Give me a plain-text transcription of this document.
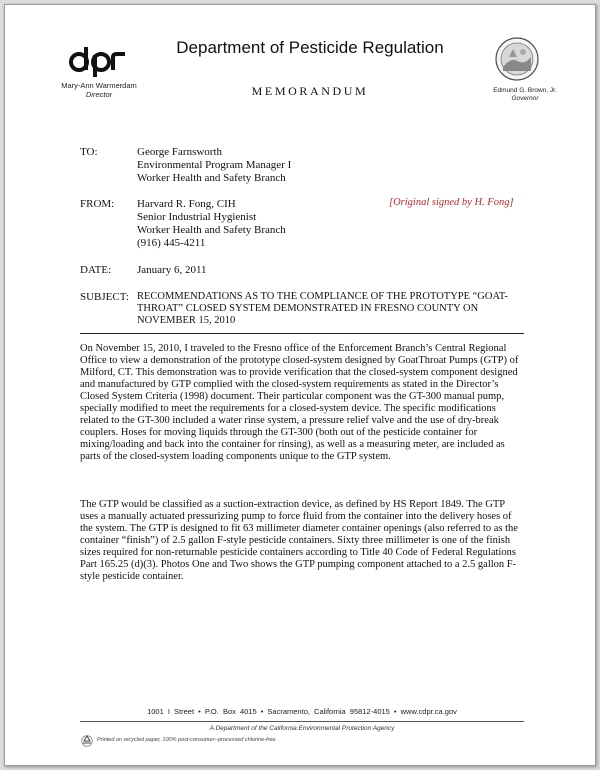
Mary-Ann Warmerdam
Director
Department of Pesticide Regulation
MEMORANDUM	Edmund G. Brown, Jr.
Governor
TO:	George Farnsworth
Environmental Program Manager I
Worker Health and Safety Branch
FROM: Harvard R. Fong, CIH
Senior Industrial Hygienist
Worker Health and Safety Branch
(916) 445-4211
[Original signed by H. Fong]
DATE: January 6, 2011
SUBJECT: RECOMMENDATIONS AS TO THE COMPLIANCE OF THE PROTOTYPE “GOAT-THROAT” CLOSED SYSTEM DEMONSTRATED IN FRESNO COUNTY ON NOVEMBER 15, 2010
On November 15, 2010, I traveled to the Fresno office of the Enforcement Branch’s Central Regional Office to view a demonstration of the prototype closed-system designed by GoatThroat Pumps (GTP) of Milford, CT. This demonstration was to provide verification that the closed-system component designed and manufactured by GTP complied with the closed-system requirements as stated in the Director’s Closed System Criteria (1998) document. Their particular component was the GT-300 manual pump, specially modified to meet the requirements for a closed-system device. The specific modifications related to the GT-300 included a water rinse system, a pressure relief valve and the use of dry-break couplers. Hoses for moving liquids through the GT-300 (both out of the pesticide container for mixing/loading and back into the container for rinsing), as well as a measuring meter, are included as parts of the closed-system loading components unique to the GTP system.
The GTP would be classified as a suction-extraction device, as defined by HS Report 1849. The GTP uses a manually actuated pressurizing pump to force fluid from the container into the delivery hoses of the system. The GTP is designed to fit 63 millimeter diameter container openings (also referred to as the container “finish”) of 2.5 gallon F-style pesticide containers. Sixty three millimeter is one of the finish sizes required for non-returnable pesticide containers according to Title 40 Code of Federal Regulations Part 165.25 (d)(3). Photos One and Two shows the GTP pumping component attached to a 2.5 gallon F-style pesticide container.
1001 I Street • P.O. Box 4015 • Sacramento, California 95812-4015 • www.cdpr.ca.gov
A Department of the California Environmental Protection Agency
Printed on recycled paper, 100% post-consumer--processed chlorine-free.
